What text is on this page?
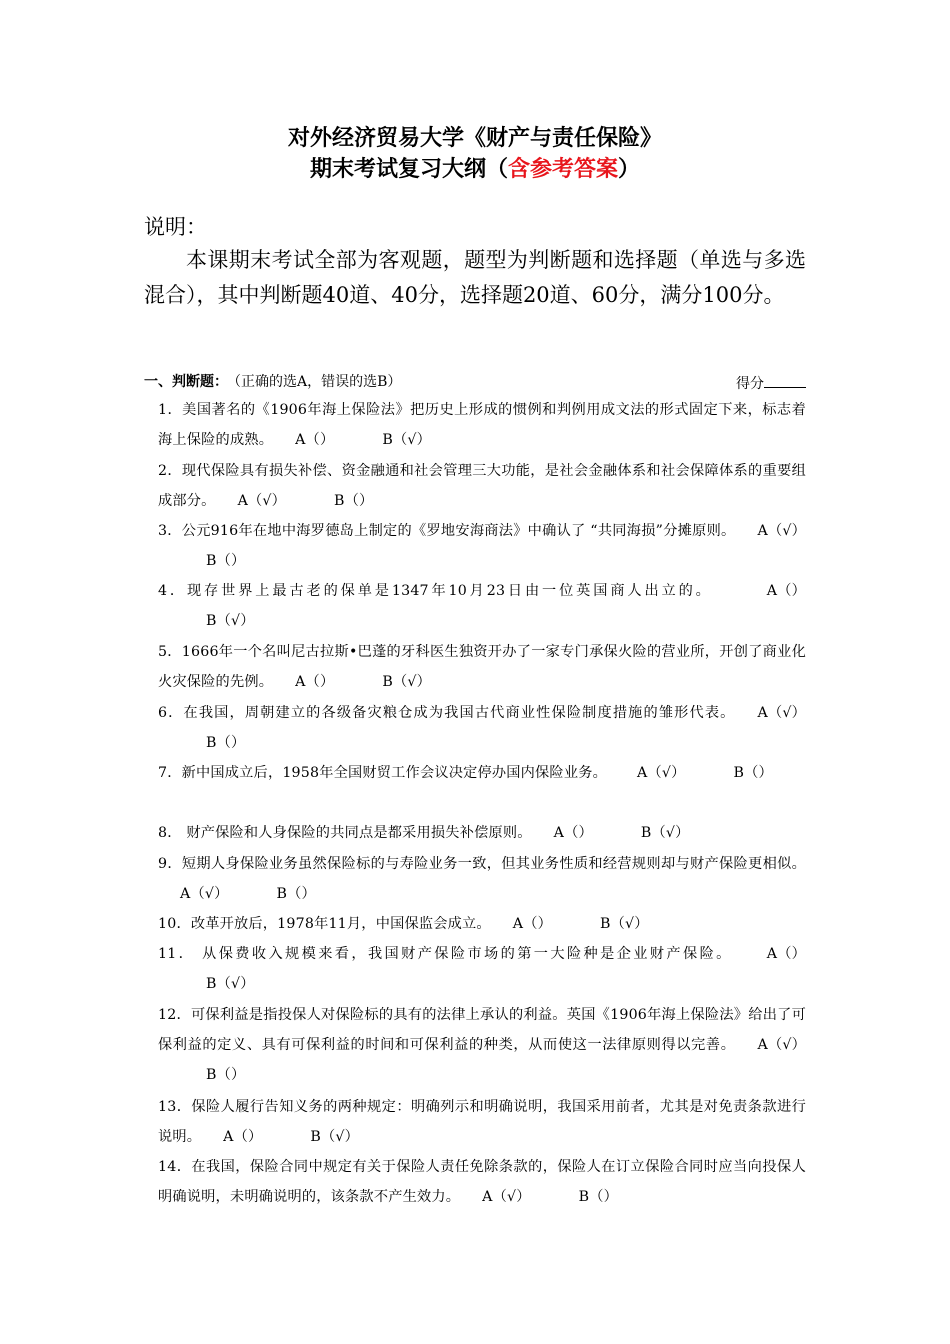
对外经济贸易大学《财产与责任保险》
期末考试复习大纲（含参考答案）
说明：
本课期末考试全部为客观题，题型为判断题和选择题（单选与多选混合），其中判断题40道、40分，选择题20道、60分，满分100分。
一、判断题： （正确的选A，错误的选B）	得分
1．美国著名的《1906年海上保险法》把历史上形成的惯例和判例用成文法的形式固定下来，标志着海上保险的成熟。 A（）	B（√）
2．现代保险具有损失补偿、资金融通和社会管理三大功能，是社会金融体系和社会保障体系的重要组成部分。 A（√）	B（）
3．公元916年在地中海罗德岛上制定的《罗地安海商法》中确认了 “共同海损”分摊原则。 A（√）B（）
4．现存世界上最古老的保单是1347年10月23日由一位英国商人出立的。	A（）B（√）
5．1666年一个名叫尼古拉斯•巴蓬的牙科医生独资开办了一家专门承保火险的营业所，开创了商业化火灾保险的先例。 A（）	B（√）
6．在我国，周朝建立的各级备灾粮仓成为我国古代商业性保险制度措施的雏形代表。 A（√）B（）
7．新中国成立后，1958年全国财贸工作会议决定停办国内保险业务。 A（√）	B（）
8． 财产保险和人身保险的共同点是都采用损失补偿原则。 A（）	B（√）
9．短期人身保险业务虽然保险标的与寿险业务一致，但其业务性质和经营规则却与财产保险更相似。A（√）	B（）
10．改革开放后，1978年11月，中国保监会成立。 A（）	B（√）
11． 从保费收入规模来看，我国财产保险市场的第一大险种是企业财产保险。 A（）B（√）
12．可保利益是指投保人对保险标的具有的法律上承认的利益。英国《1906年海上保险法》给出了可保利益的定义、具有可保利益的时间和可保利益的种类，从而使这一法律原则得以完善。 A（√）B（）
13．保险人履行告知义务的两种规定：明确列示和明确说明，我国采用前者，尤其是对免责条款进行说明。 A（）	B（√）
14．在我国，保险合同中规定有关于保险人责任免除条款的，保险人在订立保险合同时应当向投保人明确说明，未明确说明的，该条款不产生效力。 A（√）	B（）
